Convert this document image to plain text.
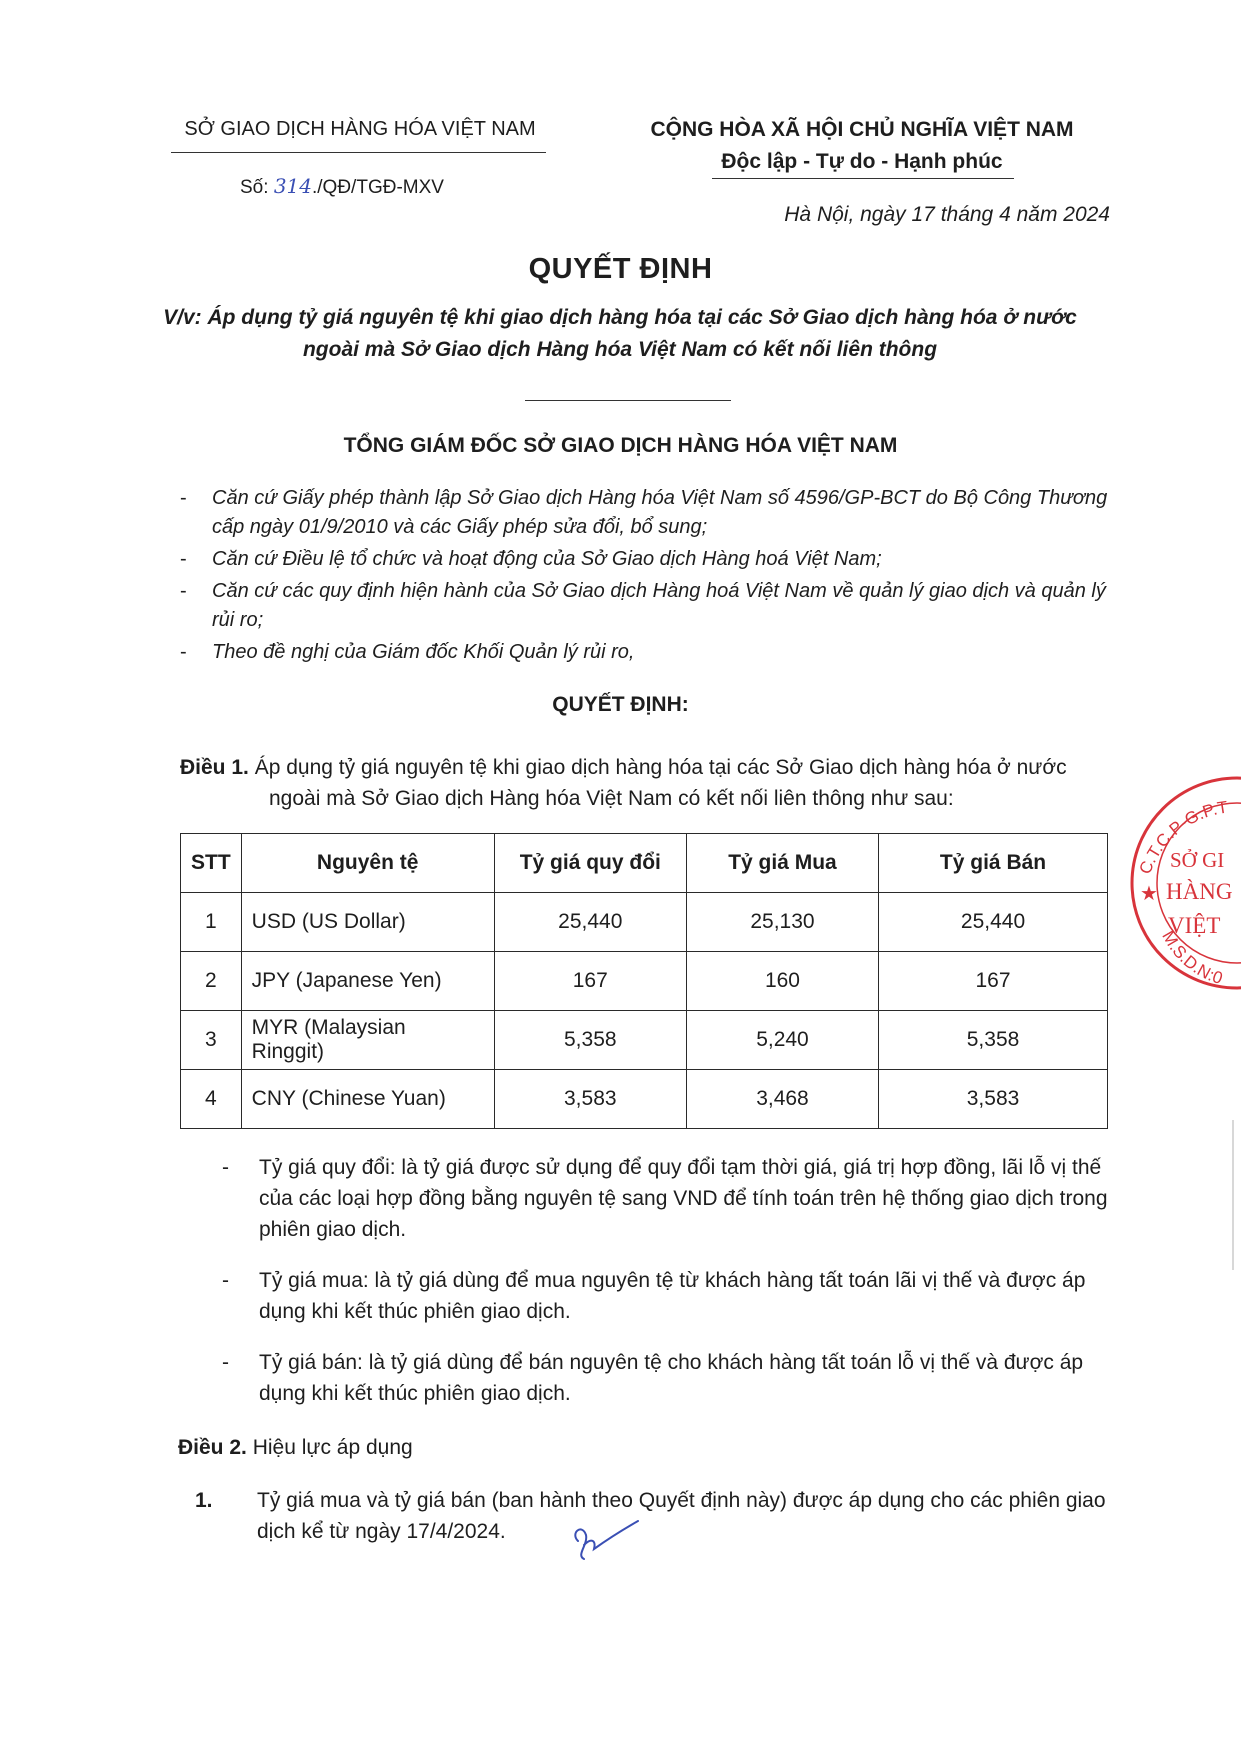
SỞ GIAO DỊCH HÀNG HÓA VIỆT NAM
Số: 314./QĐ/TGĐ-MXV
CỘNG HÒA XÃ HỘI CHỦ NGHĨA VIỆT NAM
Độc lập - Tự do - Hạnh phúc
Hà Nội, ngày 17 tháng 4 năm 2024
QUYẾT ĐỊNH
V/v: Áp dụng tỷ giá nguyên tệ khi giao dịch hàng hóa tại các Sở Giao dịch hàng hóa ở nước ngoài mà Sở Giao dịch Hàng hóa Việt Nam có kết nối liên thông
TỔNG GIÁM ĐỐC SỞ GIAO DỊCH HÀNG HÓA VIỆT NAM
- Căn cứ Giấy phép thành lập Sở Giao dịch Hàng hóa Việt Nam số 4596/GP-BCT do Bộ Công Thương cấp ngày 01/9/2010 và các Giấy phép sửa đổi, bổ sung;
- Căn cứ Điều lệ tổ chức và hoạt động của Sở Giao dịch Hàng hoá Việt Nam;
- Căn cứ các quy định hiện hành của Sở Giao dịch Hàng hoá Việt Nam về quản lý giao dịch và quản lý rủi ro;
- Theo đề nghị của Giám đốc Khối Quản lý rủi ro,
QUYẾT ĐỊNH:
Điều 1. Áp dụng tỷ giá nguyên tệ khi giao dịch hàng hóa tại các Sở Giao dịch hàng hóa ở nước ngoài mà Sở Giao dịch Hàng hóa Việt Nam có kết nối liên thông như sau:
STT	Nguyên tệ	Tỷ giá quy đổi	Tỷ giá Mua	Tỷ giá Bán
1	USD (US Dollar)	25,440	25,130	25,440
2	JPY (Japanese Yen)	167	160	167
3	MYR (Malaysian Ringgit)	5,358	5,240	5,358
4	CNY (Chinese Yuan)	3,583	3,468	3,583
- Tỷ giá quy đổi: là tỷ giá được sử dụng để quy đổi tạm thời giá, giá trị hợp đồng, lãi lỗ vị thế của các loại hợp đồng bằng nguyên tệ sang VND để tính toán trên hệ thống giao dịch trong phiên giao dịch.
- Tỷ giá mua: là tỷ giá dùng để mua nguyên tệ từ khách hàng tất toán lãi vị thế và được áp dụng khi kết thúc phiên giao dịch.
- Tỷ giá bán: là tỷ giá dùng để bán nguyên tệ cho khách hàng tất toán lỗ vị thế và được áp dụng khi kết thúc phiên giao dịch.
Điều 2. Hiệu lực áp dụng
1.	Tỷ giá mua và tỷ giá bán (ban hành theo Quyết định này) được áp dụng cho các phiên giao dịch kể từ ngày 17/4/2024.
C.T.C.P-G.P.T
SỞ GI
HÀNG
VIỆT
★
M.S.D.N:0
